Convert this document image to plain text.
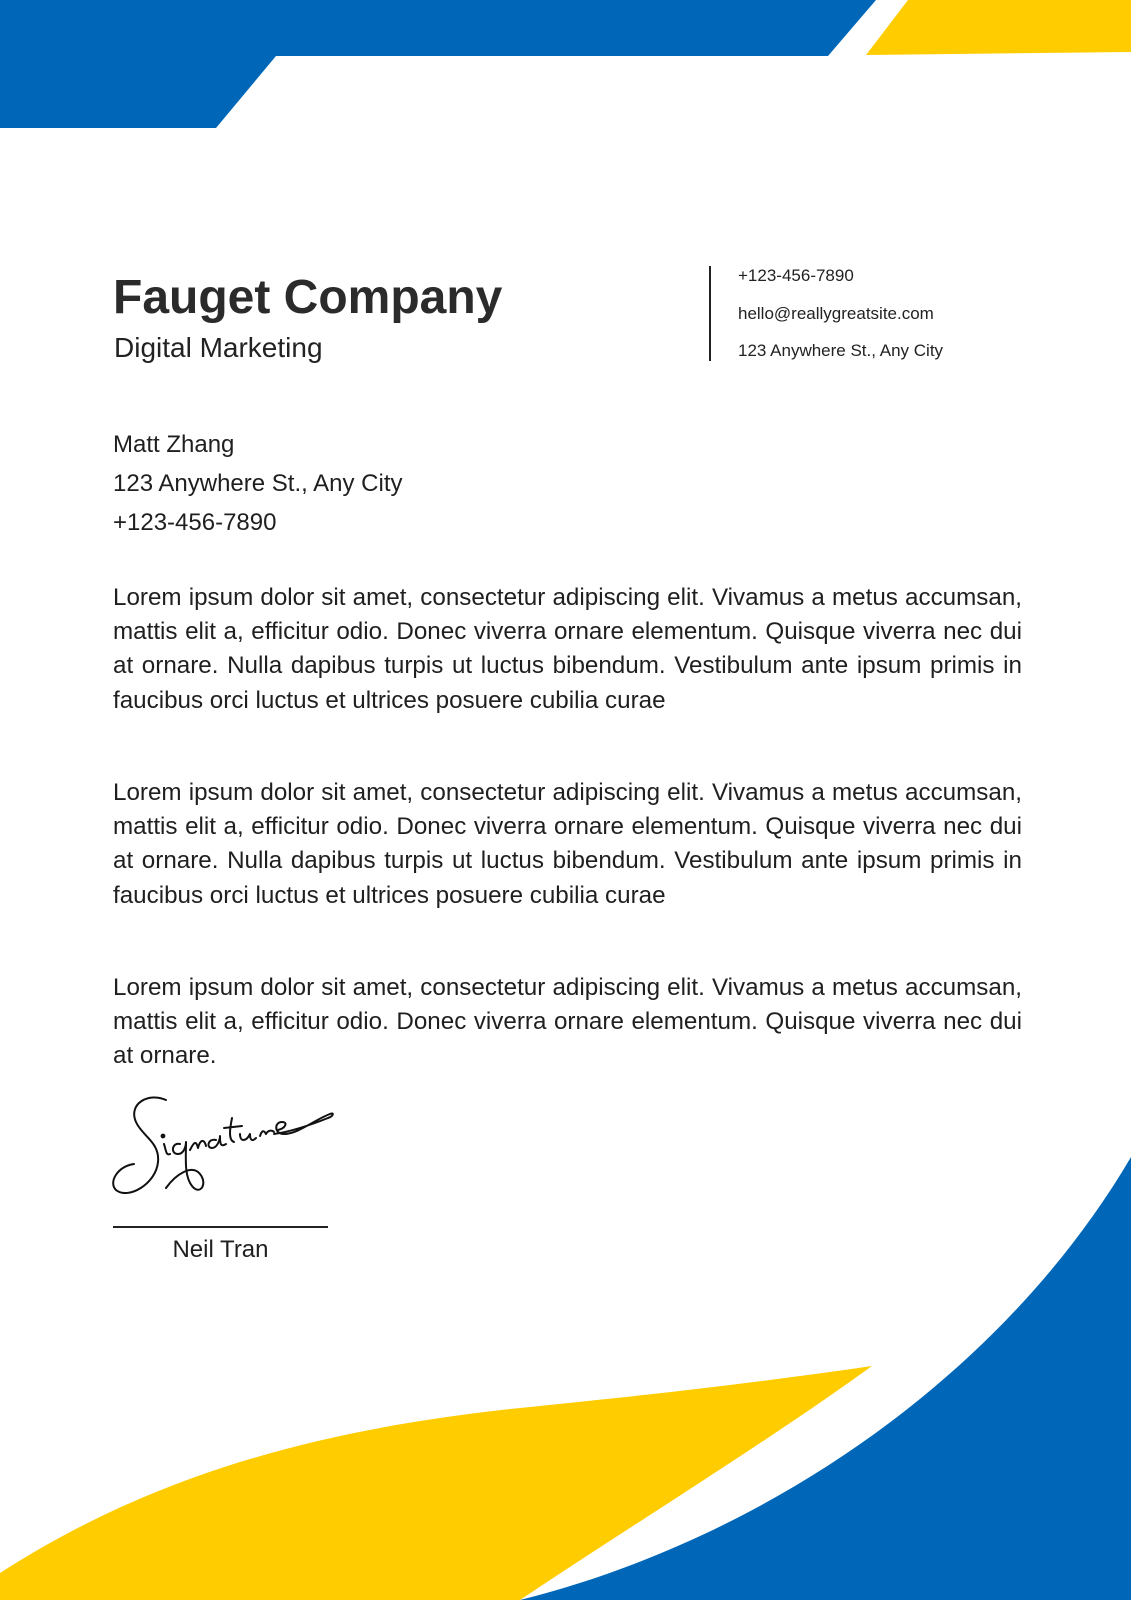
Fauget Company
Digital Marketing
+123-456-7890
hello@reallygreatsite.com
123 Anywhere St., Any City
Matt Zhang
123 Anywhere St., Any City
+123-456-7890

Lorem ipsum dolor sit amet, consectetur adipiscing elit. Vivamus a metus accumsan, mattis elit a, efficitur odio. Donec viverra ornare elementum. Quisque viverra nec dui at ornare. Nulla dapibus turpis ut luctus bibendum. Vestibulum ante ipsum primis in faucibus orci luctus et ultrices posuere cubilia curae

Lorem ipsum dolor sit amet, consectetur adipiscing elit. Vivamus a metus accumsan, mattis elit a, efficitur odio. Donec viverra ornare elementum. Quisque viverra nec dui at ornare. Nulla dapibus turpis ut luctus bibendum. Vestibulum ante ipsum primis in faucibus orci luctus et ultrices posuere cubilia curae

Lorem ipsum dolor sit amet, consectetur adipiscing elit. Vivamus a metus accumsan, mattis elit a, efficitur odio. Donec viverra ornare elementum. Quisque viverra nec dui at ornare.

Neil Tran
